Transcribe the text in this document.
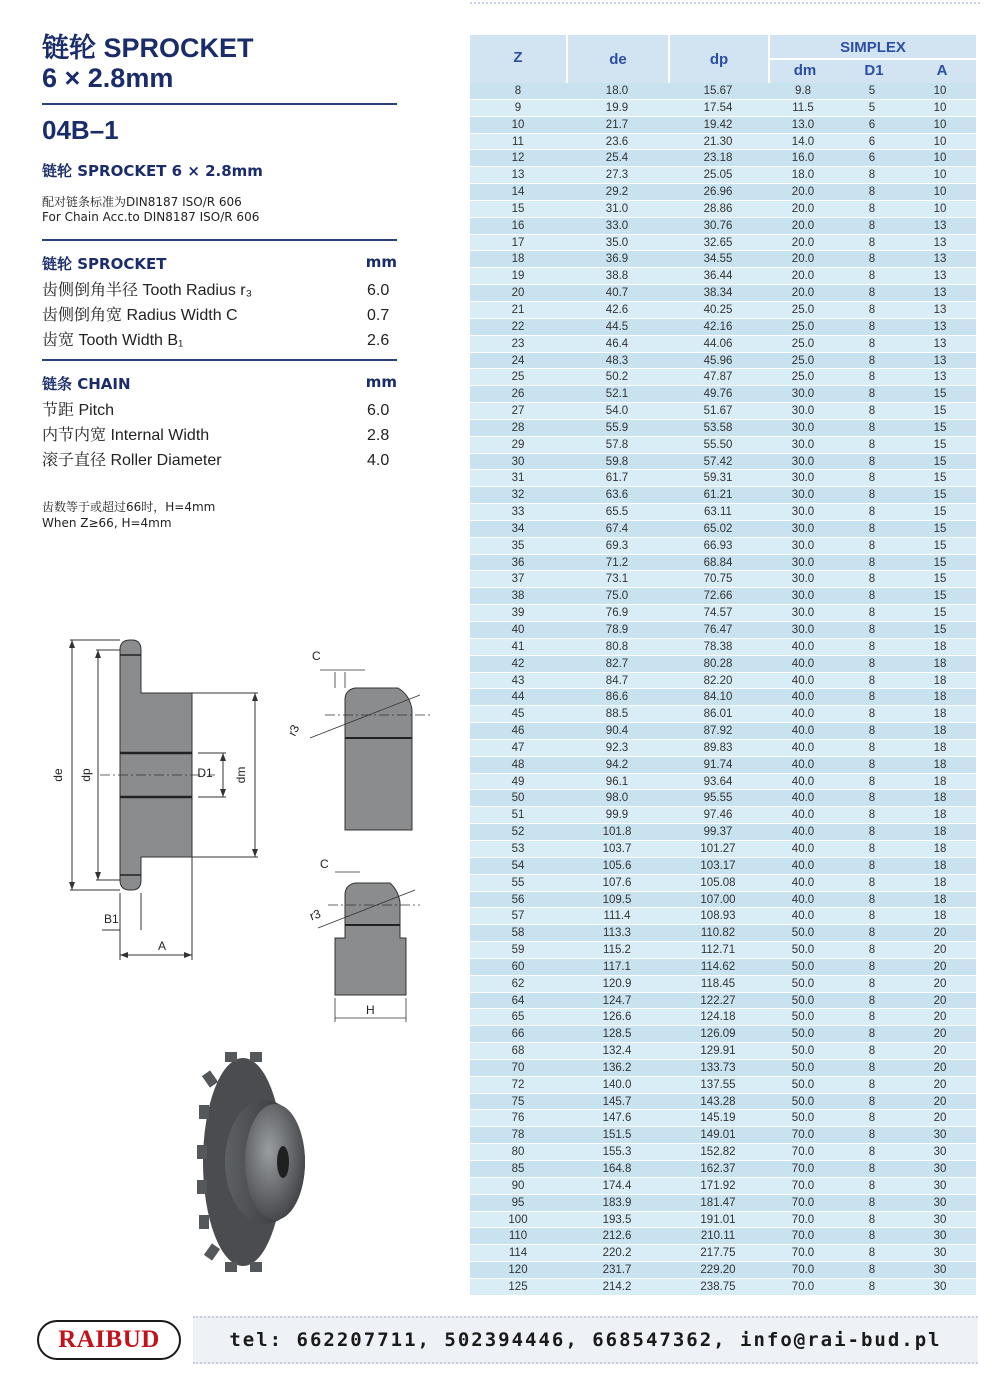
链轮 SPROCKET
6 × 2.8mm
04B–1
链轮 SPROCKET 6 × 2.8mm
配对链条标准为DIN8187 ISO/R 606
For Chain Acc.to DIN8187 ISO/R 606
链轮 SPROCKET	mm
齿侧倒角半径 Tooth Radius r₃	6.0
齿侧倒角宽 Radius Width C	0.7
齿宽 Tooth Width B₁	2.6
链条 CHAIN	mm
节距 Pitch	6.0
内节内宽 Internal Width	2.8
滚子直径 Roller Diameter	4.0
齿数等于或超过66时，H=4mm
When Z≥66, H=4mm
de dp	D1 dm
B1
A
C
r3
C
r3
H
Z	de	dp
SIMPLEX
dm	D1	A
8	18.0	15.67	9.8	5	10
9	19.9	17.54	11.5	5	10
10	21.7	19.42	13.0	6	10
11	23.6	21.30	14.0	6	10
12	25.4	23.18	16.0	6	10
13	27.3	25.05	18.0	8	10
14	29.2	26.96	20.0	8	10
15	31.0	28.86	20.0	8	10
16	33.0	30.76	20.0	8	13
17	35.0	32.65	20.0	8	13
18	36.9	34.55	20.0	8	13
19	38.8	36.44	20.0	8	13
20	40.7	38.34	20.0	8	13
21	42.6	40.25	25.0	8	13
22	44.5	42.16	25.0	8	13
23	46.4	44.06	25.0	8	13
24	48.3	45.96	25.0	8	13
25	50.2	47.87	25.0	8	13
26	52.1	49.76	30.0	8	15
27	54.0	51.67	30.0	8	15
28	55.9	53.58	30.0	8	15
29	57.8	55.50	30.0	8	15
30	59.8	57.42	30.0	8	15
31	61.7	59.31	30.0	8	15
32	63.6	61.21	30.0	8	15
33	65.5	63.11	30.0	8	15
34	67.4	65.02	30.0	8	15
35	69.3	66.93	30.0	8	15
36	71.2	68.84	30.0	8	15
37	73.1	70.75	30.0	8	15
38	75.0	72.66	30.0	8	15
39	76.9	74.57	30.0	8	15
40	78.9	76.47	30.0	8	15
41	80.8	78.38	40.0	8	18
42	82.7	80.28	40.0	8	18
43	84.7	82.20	40.0	8	18
44	86.6	84.10	40.0	8	18
45	88.5	86.01	40.0	8	18
46	90.4	87.92	40.0	8	18
47	92.3	89.83	40.0	8	18
48	94.2	91.74	40.0	8	18
49	96.1	93.64	40.0	8	18
50	98.0	95.55	40.0	8	18
51	99.9	97.46	40.0	8	18
52	101.8	99.37	40.0	8	18
53	103.7	101.27	40.0	8	18
54	105.6	103.17	40.0	8	18
55	107.6	105.08	40.0	8	18
56	109.5	107.00	40.0	8	18
57	111.4	108.93	40.0	8	18
58	113.3	110.82	50.0	8	20
59	115.2	112.71	50.0	8	20
60	117.1	114.62	50.0	8	20
62	120.9	118.45	50.0	8	20
64	124.7	122.27	50.0	8	20
65	126.6	124.18	50.0	8	20
66	128.5	126.09	50.0	8	20
68	132.4	129.91	50.0	8	20
70	136.2	133.73	50.0	8	20
72	140.0	137.55	50.0	8	20
75	145.7	143.28	50.0	8	20
76	147.6	145.19	50.0	8	20
78	151.5	149.01	70.0	8	30
80	155.3	152.82	70.0	8	30
85	164.8	162.37	70.0	8	30
90	174.4	171.92	70.0	8	30
95	183.9	181.47	70.0	8	30
100	193.5	191.01	70.0	8	30
110	212.6	210.11	70.0	8	30
114	220.2	217.75	70.0	8	30
120	231.7	229.20	70.0	8	30
125	214.2	238.75	70.0	8	30
RAIBUD	tel: 662207711, 502394446, 668547362, info@rai-bud.pl
